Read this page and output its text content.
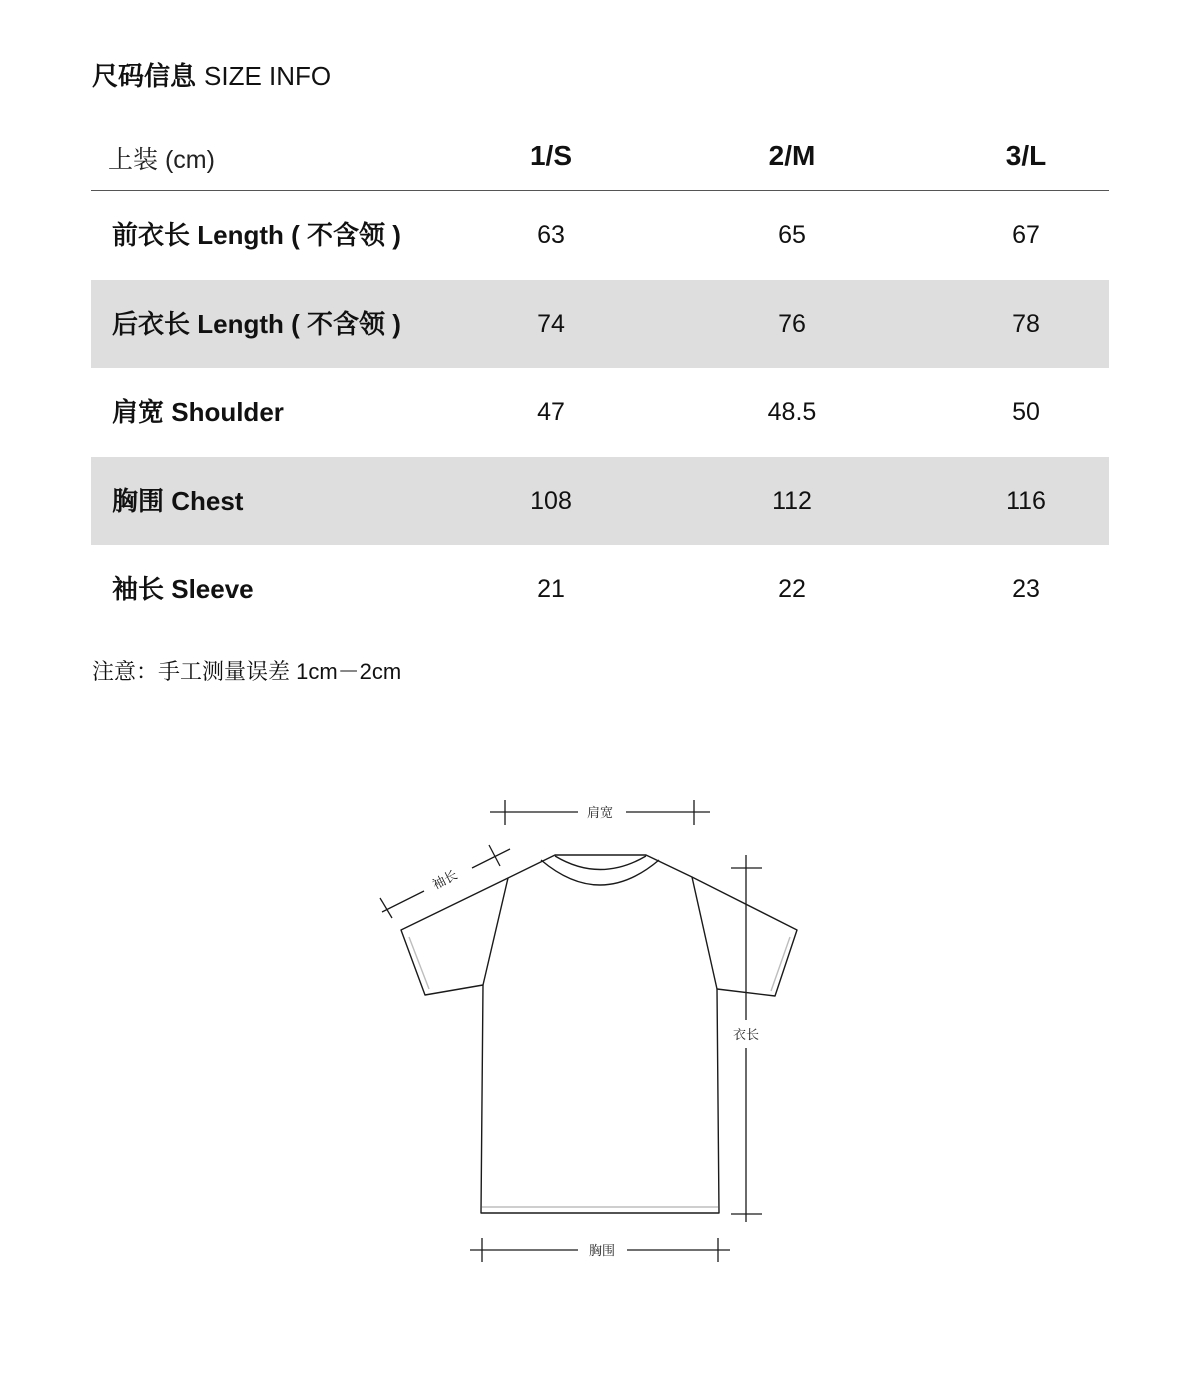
尺码信息 SIZE INFO
上装 (cm)	1/S	2/M	3/L
前衣长 Length ( 不含领 )	63	65	67
后衣长 Length ( 不含领 )	74	76	78
肩宽 Shoulder	47	48.5	50
胸围 Chest	108	112	116
袖长 Sleeve	21	22	23
注意：手工测量误差 1cm－2cm
肩宽
袖长
衣长
胸围
